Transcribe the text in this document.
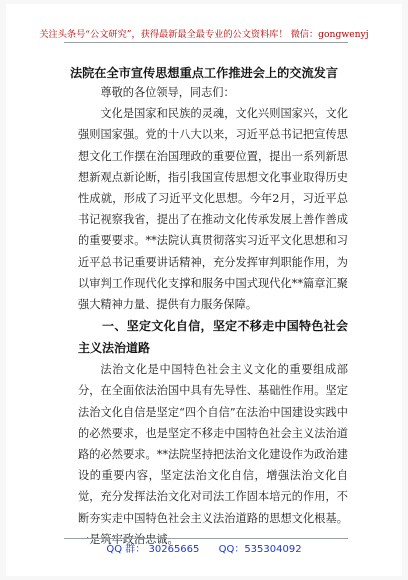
关注头条号“公文研究”，获得最新最全最专业的公文资料库！ 微信：gongwenyj
法院在全市宣传思想重点工作推进会上的交流发言

尊敬的各位领导，同志们：

文化是国家和民族的灵魂，文化兴则国家兴，文化强则国家强。党的十八大以来，习近平总书记把宣传思想文化工作摆在治国理政的重要位置，提出一系列新思想新观点新论断，指引我国宣传思想文化事业取得历史性成就，形成了习近平文化思想。今年2月，习近平总书记视察我省，提出了在推动文化传承发展上善作善成的重要要求。**法院认真贯彻落实习近平文化思想和习近平总书记重要讲话精神，充分发挥审判职能作用，为以审判工作现代化支撑和服务中国式现代化**篇章汇聚强大精神力量、提供有力服务保障。

一、坚定文化自信，坚定不移走中国特色社会主义法治道路

法治文化是中国特色社会主义文化的重要组成部分，在全面依法治国中具有先导性、基础性作用。坚定法治文化自信是坚定“四个自信”在法治中国建设实践中的必然要求，也是坚定不移走中国特色社会主义法治道路的必然要求。**法院坚持把法治文化建设作为政治建设的重要内容，坚定法治文化自信，增强法治文化自觉，充分发挥法治文化对司法工作固本培元的作用，不断夯实走中国特色社会主义法治道路的思想文化根基。一是筑牢政治忠诚。

QQ 群： 30265665 QQ：535304092
